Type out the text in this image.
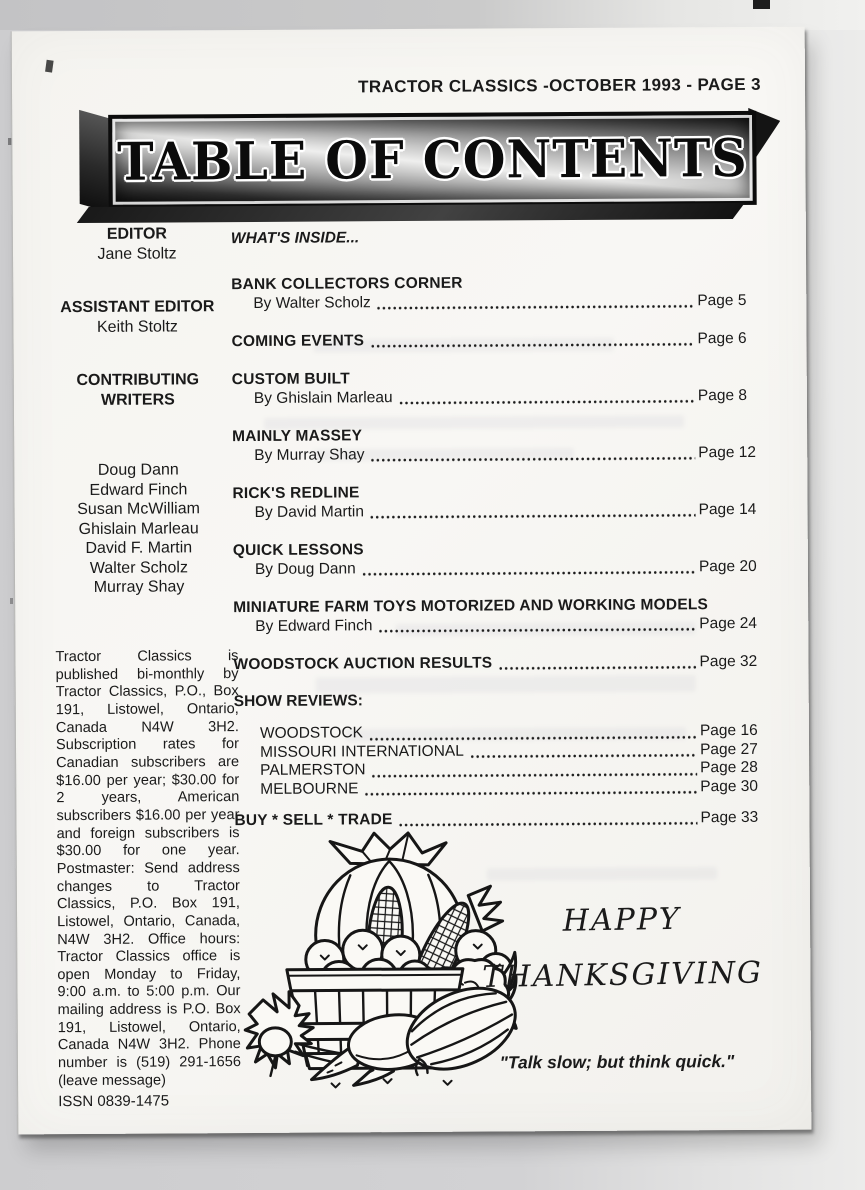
TRACTOR CLASSICS -OCTOBER 1993 - PAGE 3
TABLE OF CONTENTS
EDITOR
Jane Stoltz
ASSISTANT EDITOR
Keith Stoltz
CONTRIBUTING WRITERS
Doug Dann
Edward Finch
Susan McWilliam
Ghislain Marleau
David F. Martin
Walter Scholz
Murray Shay
Tractor Classics is published bi-monthly by Tractor Classics, P.O., Box 191, Listowel, Ontario, Canada N4W 3H2. Subscription rates for Canadian subscribers are $16.00 per year; $30.00 for 2 years, American subscribers $16.00 per year and foreign subscribers is $30.00 for one year. Postmaster: Send address changes to Tractor Classics, P.O. Box 191, Listowel, Ontario, Canada, N4W 3H2. Office hours: Tractor Classics office is open Monday to Friday, 9:00 a.m. to 5:00 p.m. Our mailing address is P.O. Box 191, Listowel, Ontario, Canada N4W 3H2. Phone number is (519) 291-1656 (leave message)
ISSN 0839-1475
WHAT'S INSIDE...
BANK COLLECTORS CORNER
By Walter Scholz	Page 5
COMING EVENTS	Page 6
CUSTOM BUILT
By Ghislain Marleau	Page 8
MAINLY MASSEY
By Murray Shay	Page 12
RICK'S REDLINE
By David Martin	Page 14
QUICK LESSONS
By Doug Dann	Page 20
MINIATURE FARM TOYS MOTORIZED AND WORKING MODELS
By Edward Finch	Page 24
WOODSTOCK AUCTION RESULTS	Page 32
SHOW REVIEWS:
WOODSTOCK	Page 16
MISSOURI INTERNATIONAL	Page 27
PALMERSTON	Page 28
MELBOURNE	Page 30
BUY * SELL * TRADE	Page 33
HAPPY
THANKSGIVING
"Talk slow; but think quick."
